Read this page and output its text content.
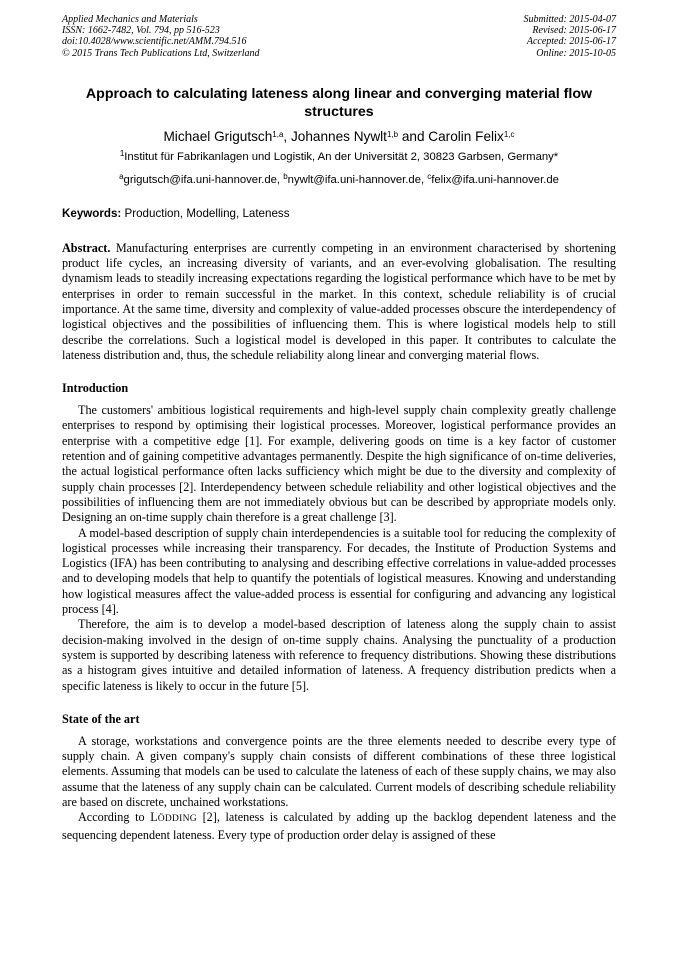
Applied Mechanics and Materials
ISSN: 1662-7482, Vol. 794, pp 516-523
doi:10.4028/www.scientific.net/AMM.794.516
© 2015 Trans Tech Publications Ltd, Switzerland
Submitted: 2015-04-07
Revised: 2015-06-17
Accepted: 2015-06-17
Online: 2015-10-05
Approach to calculating lateness along linear and converging material flow structures
Michael Grigutsch$^{1,a}$, Johannes Nywlt$^{1,b}$ and Carolin Felix$^{1,c}$
$^1$Institut für Fabrikanlagen und Logistik, An der Universität 2, 30823 Garbsen, Germany*
$^a$grigutsch@ifa.uni-hannover.de, $^b$nywlt@ifa.uni-hannover.de, $^c$felix@ifa.uni-hannover.de
Keywords: Production, Modelling, Lateness
Abstract. Manufacturing enterprises are currently competing in an environment characterised by shortening product life cycles, an increasing diversity of variants, and an ever-evolving globalisation. The resulting dynamism leads to steadily increasing expectations regarding the logistical performance which have to be met by enterprises in order to remain successful in the market. In this context, schedule reliability is of crucial importance. At the same time, diversity and complexity of value-added processes obscure the interdependency of logistical objectives and the possibilities of influencing them. This is where logistical models help to still describe the correlations. Such a logistical model is developed in this paper. It contributes to calculate the lateness distribution and, thus, the schedule reliability along linear and converging material flows.
Introduction

The customers' ambitious logistical requirements and high-level supply chain complexity greatly challenge enterprises to respond by optimising their logistical processes. Moreover, logistical performance provides an enterprise with a competitive edge [1]. For example, delivering goods on time is a key factor of customer retention and of gaining competitive advantages permanently. Despite the high significance of on-time deliveries, the actual logistical performance often lacks sufficiency which might be due to the diversity and complexity of supply chain processes [2]. Interdependency between schedule reliability and other logistical objectives and the possibilities of influencing them are not immediately obvious but can be described by appropriate models only. Designing an on-time supply chain therefore is a great challenge [3].

A model-based description of supply chain interdependencies is a suitable tool for reducing the complexity of logistical processes while increasing their transparency. For decades, the Institute of Production Systems and Logistics (IFA) has been contributing to analysing and describing effective correlations in value-added processes and to developing models that help to quantify the potentials of logistical measures. Knowing and understanding how logistical measures affect the value-added process is essential for configuring and advancing any logistical process [4].

Therefore, the aim is to develop a model-based description of lateness along the supply chain to assist decision-making involved in the design of on-time supply chains. Analysing the punctuality of a production system is supported by describing lateness with reference to frequency distributions. Showing these distributions as a histogram gives intuitive and detailed information of lateness. A frequency distribution predicts when a specific lateness is likely to occur in the future [5].

State of the art

A storage, workstations and convergence points are the three elements needed to describe every type of supply chain. A given company's supply chain consists of different combinations of these three logistical elements. Assuming that models can be used to calculate the lateness of each of these supply chains, we may also assume that the lateness of any supply chain can be calculated. Current models of describing schedule reliability are based on discrete, unchained workstations.

According to LÖDDING [2], lateness is calculated by adding up the backlog dependent lateness and the sequencing dependent lateness. Every type of production order delay is assigned of these
